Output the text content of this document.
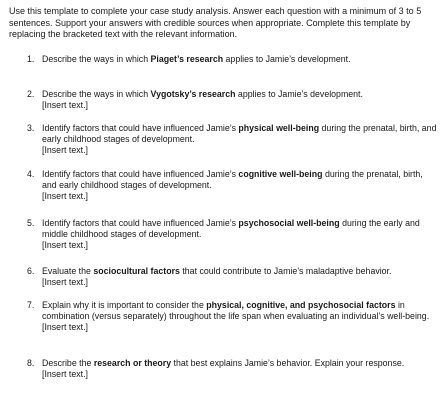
Use this template to complete your case study analysis. Answer each question with a minimum of 3 to 5 sentences. Support your answers with credible sources when appropriate. Complete this template by replacing the bracketed text with the relevant information.

1. Describe the ways in which Piaget’s research applies to Jamie’s development.
2. Describe the ways in which Vygotsky’s research applies to Jamie’s development.
[Insert text.]
3. Identify factors that could have influenced Jamie’s physical well-being during the prenatal, birth, and early childhood stages of development.
[Insert text.]
4. Identify factors that could have influenced Jamie’s cognitive well-being during the prenatal, birth, and early childhood stages of development.
[Insert text.]
5. Identify factors that could have influenced Jamie’s psychosocial well-being during the early and middle childhood stages of development.
[Insert text.]
6. Evaluate the sociocultural factors that could contribute to Jamie’s maladaptive behavior.
[Insert text.]
7. Explain why it is important to consider the physical, cognitive, and psychosocial factors in combination (versus separately) throughout the life span when evaluating an individual’s well-being.
[Insert text.]
8. Describe the research or theory that best explains Jamie’s behavior. Explain your response.
[Insert text.]
